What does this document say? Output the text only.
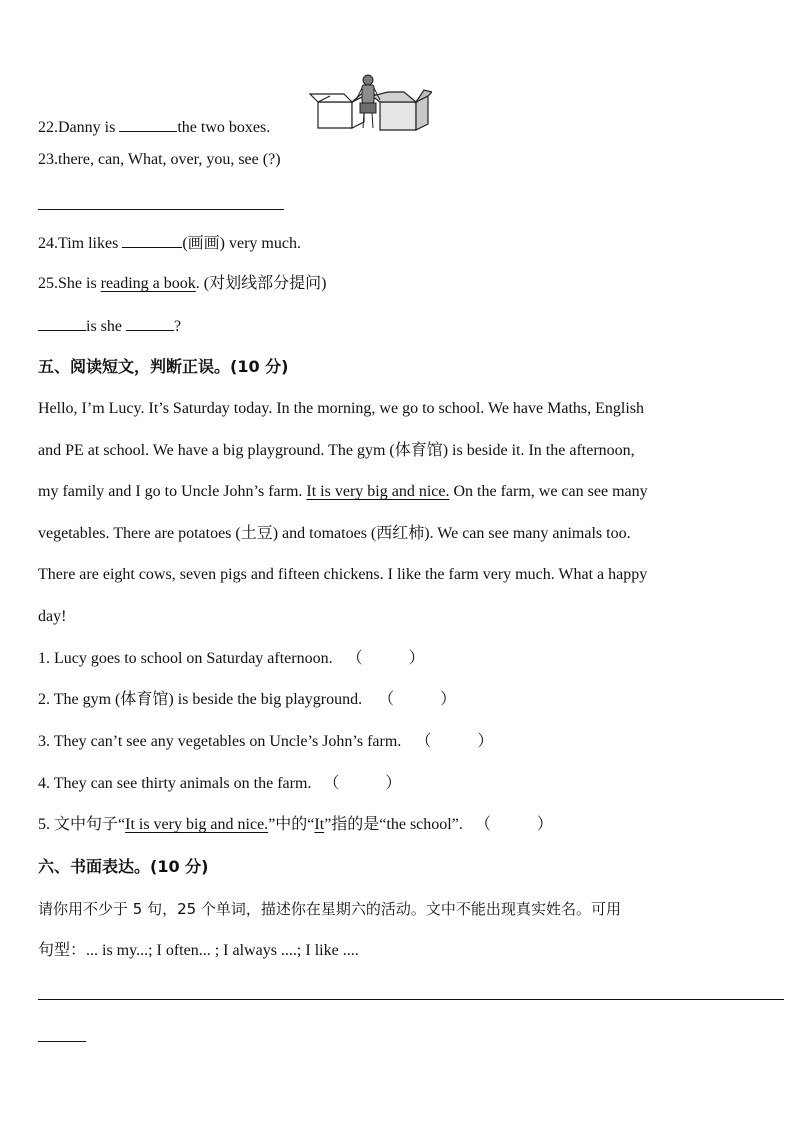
22.Danny is	the two boxes.
23.there, can, What, over, you, see (?)
24.Tim likes	(画画) very much.
25.She is reading a book. (对划线部分提问)
is she	?
五、阅读短文，判断正误。(10 分)
Hello, I’m Lucy. It’s Saturday today. In the morning, we go to school. We have Maths, English
and PE at school. We have a big playground. The gym (体育馆) is beside it. In the afternoon,
my family and I go to Uncle John’s farm. It is very big and nice. On the farm, we can see many
vegetables. There are potatoes (土豆) and tomatoes (西红柿). We can see many animals too.
There are eight cows, seven pigs and fifteen chickens. I like the farm very much. What a happy
day!
1. Lucy goes to school on Saturday afternoon. （	）
2. The gym (体育馆) is beside the big playground. （	）
3. They can’t see any vegetables on Uncle’s John’s farm. （	）
4. They can see thirty animals on the farm. （	）
5. 文中句子“It is very big and nice.”中的“It”指的是“the school”. （	）
六、书面表达。(10 分)
请你用不少于 5 句，25 个单词，描述你在星期六的活动。文中不能出现真实姓名。可用
句型：... is my...; I often... ; I always ....; I like ....
